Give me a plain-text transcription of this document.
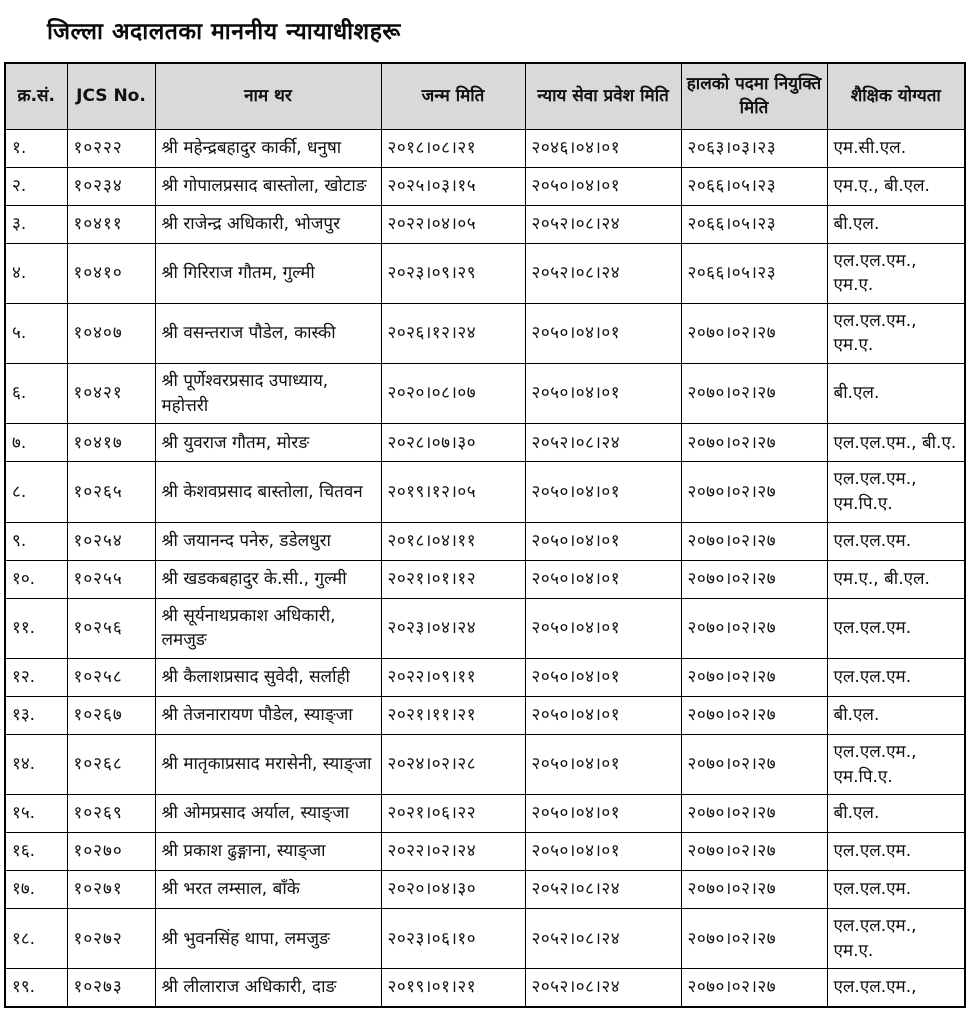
जिल्ला अदालतका माननीय न्यायाधीशहरू
क्र.सं.	JCS No.	नाम थर	जन्म मिति	न्याय सेवा प्रवेश मिति	हालको पदमा नियुक्ति मिति	शैक्षिक योग्यता
१.	१०२२२	श्री महेन्द्रबहादुर कार्की, धनुषा	२०१८।०८।२१	२०४६।०४।०१	२०६३।०३।२३	एम.सी.एल.
२.	१०२३४	श्री गोपालप्रसाद बास्तोला, खोटाङ	२०२५।०३।१५	२०५०।०४।०१	२०६६।०५।२३	एम.ए., बी.एल.
३.	१०४११	श्री राजेन्द्र अधिकारी, भोजपुर	२०२२।०४।०५	२०५२।०८।२४	२०६६।०५।२३	बी.एल.
४.	१०४१०	श्री गिरिराज गौतम, गुल्मी	२०२३।०९।२९	२०५२।०८।२४	२०६६।०५।२३	एल.एल.एम., एम.ए.
५.	१०४०७	श्री वसन्तराज पौडेल, कास्की	२०२६।१२।२४	२०५०।०४।०१	२०७०।०२।२७	एल.एल.एम., एम.ए.
६.	१०४२१	श्री पूर्णेश्वरप्रसाद उपाध्याय, महोत्तरी	२०२०।०८।०७	२०५०।०४।०१	२०७०।०२।२७	बी.एल.
७.	१०४१७	श्री युवराज गौतम, मोरङ	२०२८।०७।३०	२०५२।०८।२४	२०७०।०२।२७	एल.एल.एम., बी.ए.
८.	१०२६५	श्री केशवप्रसाद बास्तोला, चितवन	२०१९।१२।०५	२०५०।०४।०१	२०७०।०२।२७	एल.एल.एम., एम.पि.ए.
९.	१०२५४	श्री जयानन्द पनेरु, डडेलधुरा	२०१८।०४।११	२०५०।०४।०१	२०७०।०२।२७	एल.एल.एम.
१०.	१०२५५	श्री खडकबहादुर के.सी., गुल्मी	२०२१।०१।१२	२०५०।०४।०१	२०७०।०२।२७	एम.ए., बी.एल.
११.	१०२५६	श्री सूर्यनाथप्रकाश अधिकारी, लमजुङ	२०२३।०४।२४	२०५०।०४।०१	२०७०।०२।२७	एल.एल.एम.
१२.	१०२५८	श्री कैलाशप्रसाद सुवेदी, सर्लाही	२०२२।०९।११	२०५०।०४।०१	२०७०।०२।२७	एल.एल.एम.
१३.	१०२६७	श्री तेजनारायण पौडेल, स्याङ्जा	२०२१।११।२१	२०५०।०४।०१	२०७०।०२।२७	बी.एल.
१४.	१०२६८	श्री मातृकाप्रसाद मरासेनी, स्याङ्जा	२०२४।०२।२८	२०५०।०४।०१	२०७०।०२।२७	एल.एल.एम., एम.पि.ए.
१५.	१०२६९	श्री ओमप्रसाद अर्याल, स्याङ्जा	२०२१।०६।२२	२०५०।०४।०१	२०७०।०२।२७	बी.एल.
१६.	१०२७०	श्री प्रकाश ढुङ्गाना, स्याङ्जा	२०२२।०२।२४	२०५०।०४।०१	२०७०।०२।२७	एल.एल.एम.
१७.	१०२७१	श्री भरत लम्साल, बाँके	२०२०।०४।३०	२०५२।०८।२४	२०७०।०२।२७	एल.एल.एम.
१८.	१०२७२	श्री भुवनसिंह थापा, लमजुङ	२०२३।०६।१०	२०५२।०८।२४	२०७०।०२।२७	एल.एल.एम., एम.ए.
१९.	१०२७३	श्री लीलाराज अधिकारी, दाङ	२०१९।०१।२१	२०५२।०८।२४	२०७०।०२।२७	एल.एल.एम.,
